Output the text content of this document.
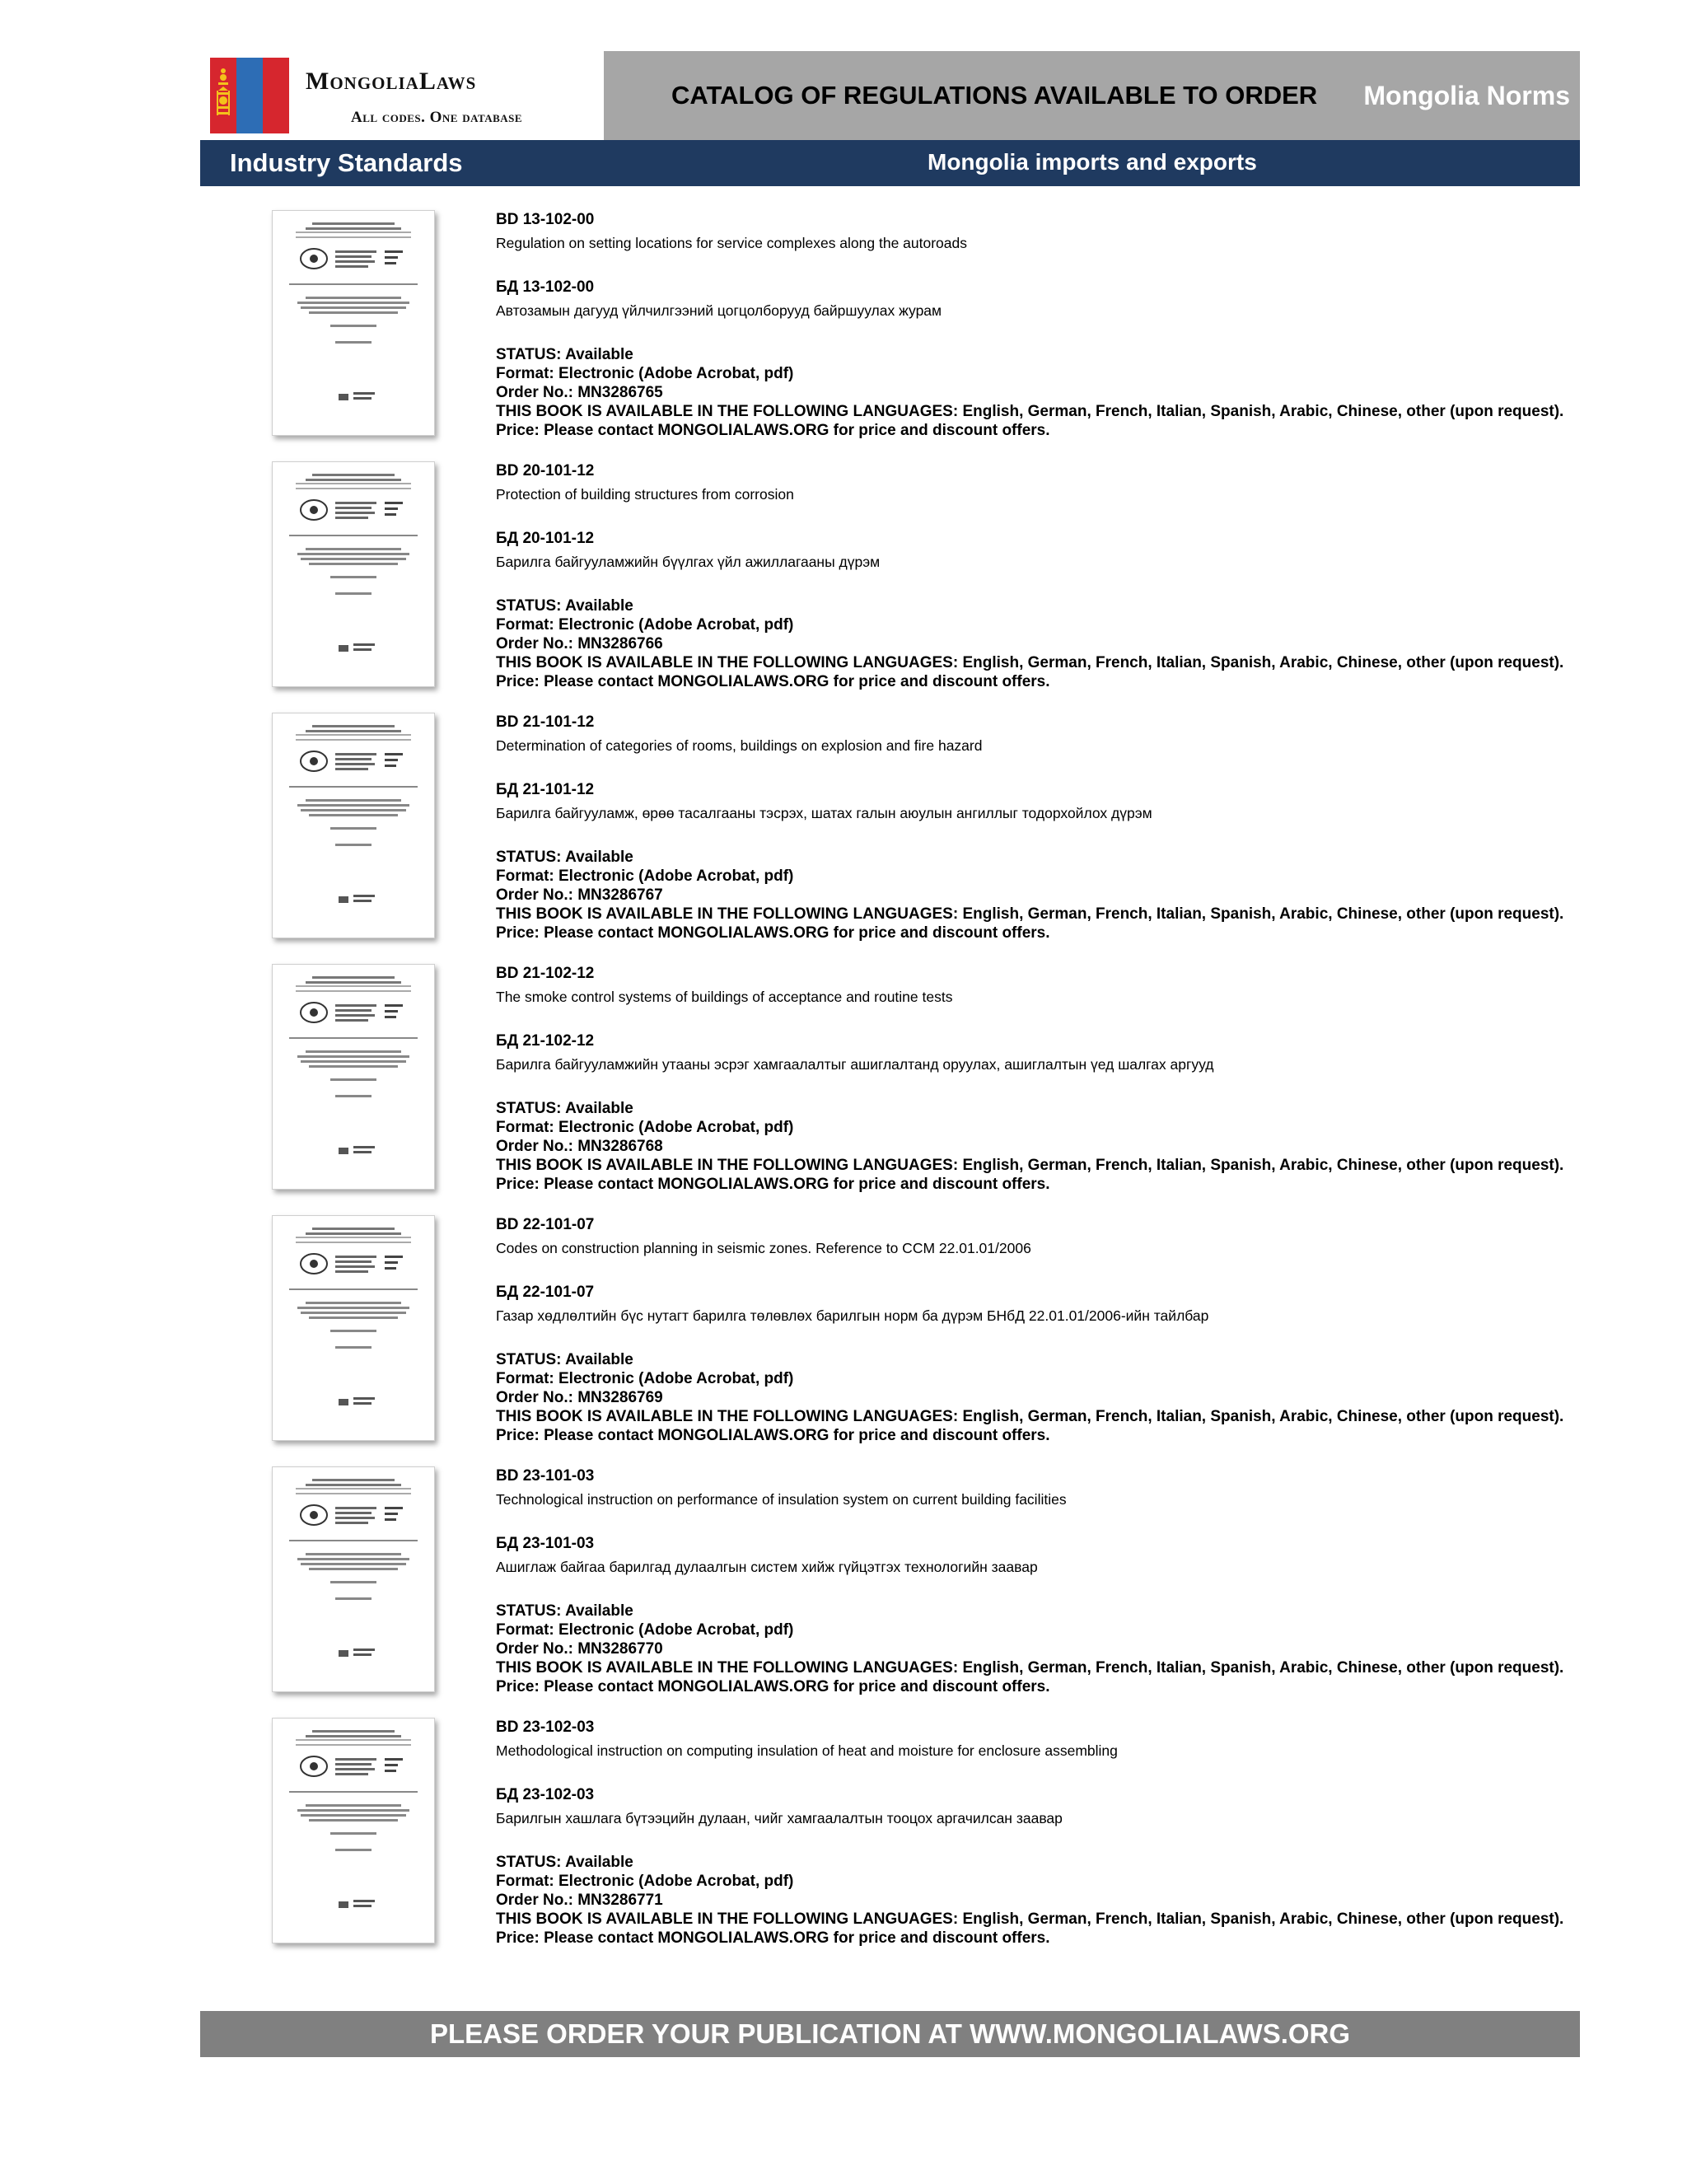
MongoliaLaws
All codes. One database
CATALOG OF REGULATIONS AVAILABLE TO ORDER Mongolia Norms
Industry Standards	Mongolia imports and exports
BD 13-102-00
Regulation on setting locations for service complexes along the autoroads
БД 13-102-00
Автозамын дагууд үйлчилгээний цогцолборууд байршуулах журам
STATUS: Available
Format: Electronic (Adobe Acrobat, pdf)
Order No.: MN3286765
THIS BOOK IS AVAILABLE IN THE FOLLOWING LANGUAGES: English, German, French, Italian, Spanish, Arabic, Chinese, other (upon request).
Price: Please contact MONGOLIALAWS.ORG for price and discount offers.
BD 20-101-12
Protection of building structures from corrosion
БД 20-101-12
Барилга байгууламжийн бүүлгах үйл ажиллагааны дүрэм
STATUS: Available
Format: Electronic (Adobe Acrobat, pdf)
Order No.: MN3286766
THIS BOOK IS AVAILABLE IN THE FOLLOWING LANGUAGES: English, German, French, Italian, Spanish, Arabic, Chinese, other (upon request).
Price: Please contact MONGOLIALAWS.ORG for price and discount offers.
BD 21-101-12
Determination of categories of rooms, buildings on explosion and fire hazard
БД 21-101-12
Барилга байгууламж, өрөө тасалгааны тэсрэх, шатах галын аюулын ангиллыг тодорхойлох дүрэм
STATUS: Available
Format: Electronic (Adobe Acrobat, pdf)
Order No.: MN3286767
THIS BOOK IS AVAILABLE IN THE FOLLOWING LANGUAGES: English, German, French, Italian, Spanish, Arabic, Chinese, other (upon request).
Price: Please contact MONGOLIALAWS.ORG for price and discount offers.
BD 21-102-12
The smoke control systems of buildings of acceptance and routine tests
БД 21-102-12
Барилга байгууламжийн утааны эсрэг хамгаалалтыг ашиглалтанд оруулах, ашиглалтын үед шалгах аргууд
STATUS: Available
Format: Electronic (Adobe Acrobat, pdf)
Order No.: MN3286768
THIS BOOK IS AVAILABLE IN THE FOLLOWING LANGUAGES: English, German, French, Italian, Spanish, Arabic, Chinese, other (upon request).
Price: Please contact MONGOLIALAWS.ORG for price and discount offers.
BD 22-101-07
Codes on construction planning in seismic zones. Reference to CCM 22.01.01/2006
БД 22-101-07
Газар хөдлөлтийн бүс нутагт барилга төлөвлөх барилгын норм ба дүрэм БНбД 22.01.01/2006-ийн тайлбар
STATUS: Available
Format: Electronic (Adobe Acrobat, pdf)
Order No.: MN3286769
THIS BOOK IS AVAILABLE IN THE FOLLOWING LANGUAGES: English, German, French, Italian, Spanish, Arabic, Chinese, other (upon request).
Price: Please contact MONGOLIALAWS.ORG for price and discount offers.
BD 23-101-03
Technological instruction on performance of insulation system on current building facilities
БД 23-101-03
Ашиглаж байгаа барилгад дулаалгын систем хийж гүйцэтгэх технологийн заавар
STATUS: Available
Format: Electronic (Adobe Acrobat, pdf)
Order No.: MN3286770
THIS BOOK IS AVAILABLE IN THE FOLLOWING LANGUAGES: English, German, French, Italian, Spanish, Arabic, Chinese, other (upon request).
Price: Please contact MONGOLIALAWS.ORG for price and discount offers.
BD 23-102-03
Methodological instruction on computing insulation of heat and moisture for enclosure assembling
БД 23-102-03
Барилгын хашлага бүтээцийн дулаан, чийг хамгаалалтын тооцох аргачилсан заавар
STATUS: Available
Format: Electronic (Adobe Acrobat, pdf)
Order No.: MN3286771
THIS BOOK IS AVAILABLE IN THE FOLLOWING LANGUAGES: English, German, French, Italian, Spanish, Arabic, Chinese, other (upon request).
Price: Please contact MONGOLIALAWS.ORG for price and discount offers.
PLEASE ORDER YOUR PUBLICATION AT WWW.MONGOLIALAWS.ORG
